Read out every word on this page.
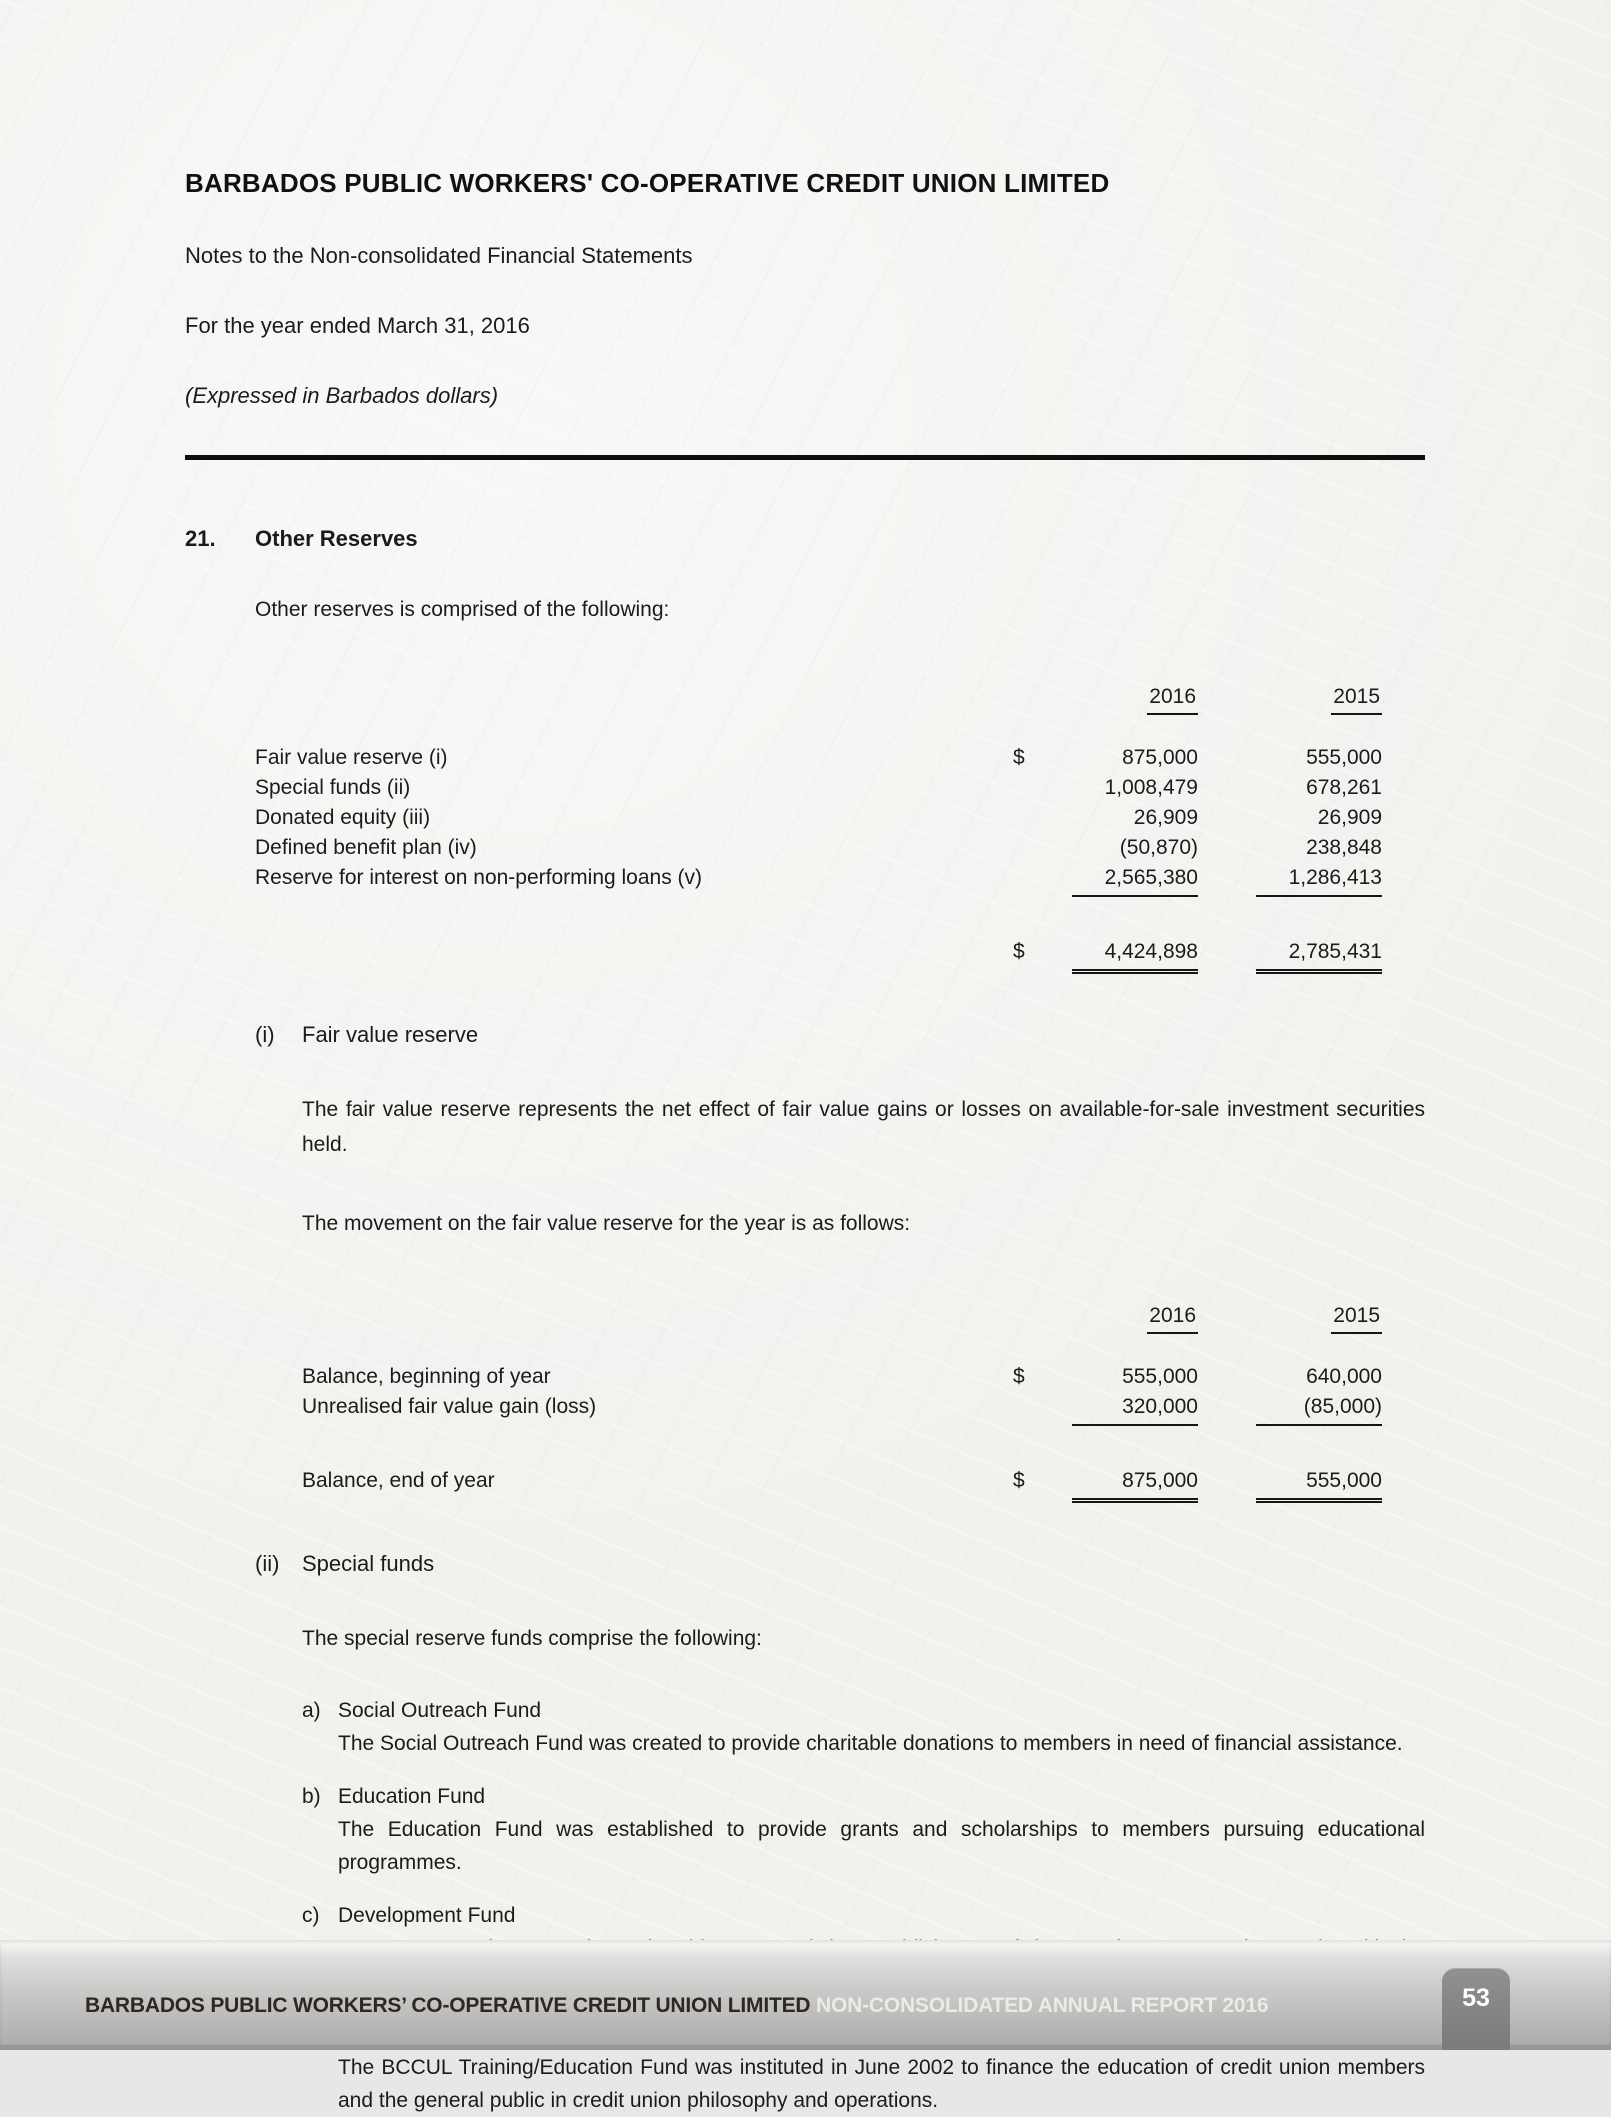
BARBADOS PUBLIC WORKERS' CO-OPERATIVE CREDIT UNION LIMITED

Notes to the Non-consolidated Financial Statements

For the year ended March 31, 2016

(Expressed in Barbados dollars)

21.	Other Reserves

Other reserves is comprised of the following:

2016	2015
Fair value reserve (i)	$	875,000	555,000
Special funds (ii)	1,008,479	678,261
Donated equity (iii)	26,909	26,909
Defined benefit plan (iv)	(50,870)	238,848
Reserve for interest on non-performing loans (v)	2,565,380	1,286,413
$	4,424,898	2,785,431
(i)	Fair value reserve

The fair value reserve represents the net effect of fair value gains or losses on available-for-sale investment securities held.

The movement on the fair value reserve for the year is as follows:

2016	2015
Balance, beginning of year	$	555,000	640,000
Unrealised fair value gain (loss)	320,000	(85,000)
Balance, end of year	$	875,000	555,000
(ii)	Special funds

The special reserve funds comprise the following:

a) Social Outreach Fund

The Social Outreach Fund was created to provide charitable donations to members in need of financial assistance.

b) Education Fund

The Education Fund was established to provide grants and scholarships to members pursuing educational programmes.

c) Development Fund

The BCCUL Training/Education Fund was instituted in June 2002 to finance the education of credit union members and the general public in credit union philosophy and operations.

BARBADOS PUBLIC WORKERS’ CO-OPERATIVE CREDIT UNION LIMITED NON-CONSOLIDATED ANNUAL REPORT 2016	53
